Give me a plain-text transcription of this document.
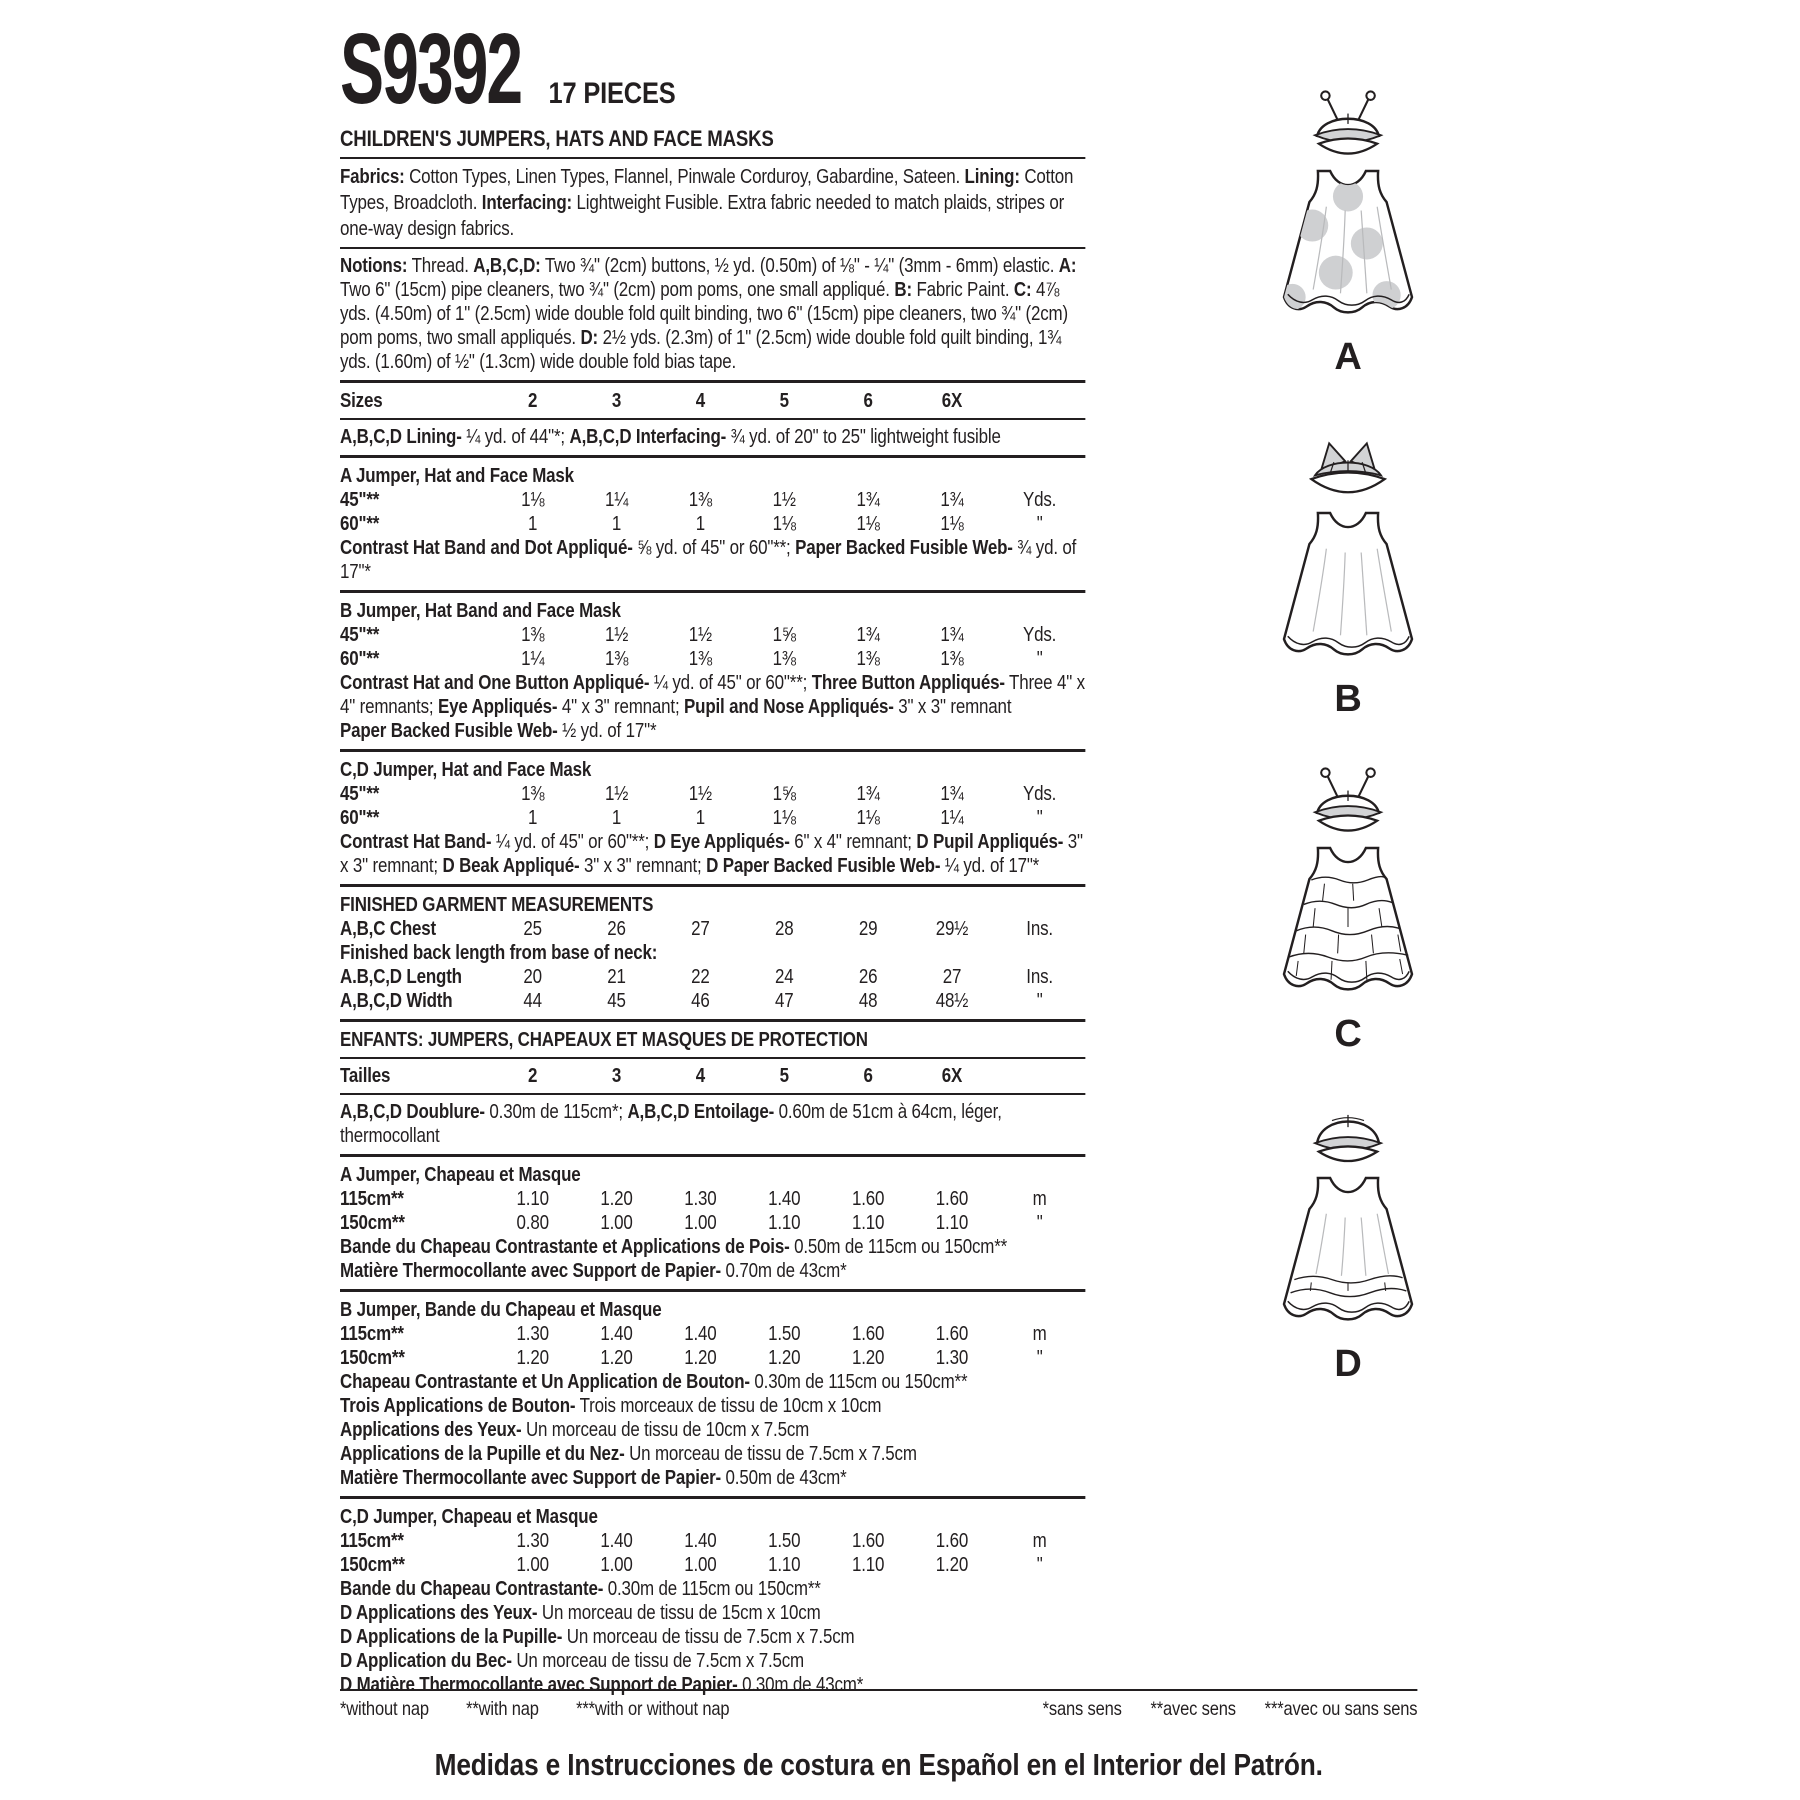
S9392 17 PIECES
CHILDREN'S JUMPERS, HATS AND FACE MASKS
Fabrics: Cotton Types, Linen Types, Flannel, Pinwale Corduroy, Gabardine, Sateen. Lining: Cotton Types, Broadcloth. Interfacing: Lightweight Fusible. Extra fabric needed to match plaids, stripes or one-way design fabrics.
Notions: Thread. A,B,C,D: Two ¾" (2cm) buttons, ½ yd. (0.50m) of ⅛" - ¼" (3mm - 6mm) elastic. A: Two 6" (15cm) pipe cleaners, two ¾" (2cm) pom poms, one small appliqué. B: Fabric Paint. C: 4⅞ yds. (4.50m) of 1" (2.5cm) wide double fold quilt binding, two 6" (15cm) pipe cleaners, two ¾" (2cm) pom poms, two small appliqués. D: 2½ yds. (2.3m) of 1" (2.5cm) wide double fold quilt binding, 1¾ yds. (1.60m) of ½" (1.3cm) wide double fold bias tape.
Sizes	2	3	4	5	6	6X
A,B,C,D Lining- ¼ yd. of 44"*; A,B,C,D Interfacing- ¾ yd. of 20" to 25" lightweight fusible
A Jumper, Hat and Face Mask
45"**	1⅛	1¼	1⅜	1½	1¾	1¾	Yds.
60"**	1	1	1	1⅛	1⅛	1⅛	"
Contrast Hat Band and Dot Appliqué- ⅝ yd. of 45" or 60"**; Paper Backed Fusible Web- ¾ yd. of 17"*
B Jumper, Hat Band and Face Mask
45"**	1⅜	1½	1½	1⅝	1¾	1¾	Yds.
60"**	1¼	1⅜	1⅜	1⅜	1⅜	1⅜	"
Contrast Hat and One Button Appliqué- ¼ yd. of 45" or 60"**; Three Button Appliqués- Three 4" x 4" remnants; Eye Appliqués- 4" x 3" remnant; Pupil and Nose Appliqués- 3" x 3" remnant
Paper Backed Fusible Web- ½ yd. of 17"*
C,D Jumper, Hat and Face Mask
45"**	1⅜	1½	1½	1⅝	1¾	1¾	Yds.
60"**	1	1	1	1⅛	1⅛	1¼	"
Contrast Hat Band- ¼ yd. of 45" or 60"**; D Eye Appliqués- 6" x 4" remnant; D Pupil Appliqués- 3" x 3" remnant; D Beak Appliqué- 3" x 3" remnant; D Paper Backed Fusible Web- ¼ yd. of 17"*
FINISHED GARMENT MEASUREMENTS
A,B,C Chest	25	26	27	28	29	29½	Ins.
Finished back length from base of neck:
A.B,C,D Length	20	21	22	24	26	27	Ins.
A,B,C,D Width	44	45	46	47	48	48½	"
ENFANTS: JUMPERS, CHAPEAUX ET MASQUES DE PROTECTION
Tailles	2	3	4	5	6	6X
A,B,C,D Doublure- 0.30m de 115cm*; A,B,C,D Entoilage- 0.60m de 51cm à 64cm, léger, thermocollant
A Jumper, Chapeau et Masque
115cm**	1.10	1.20	1.30	1.40	1.60	1.60	m
150cm**	0.80	1.00	1.00	1.10	1.10	1.10	"
Bande du Chapeau Contrastante et Applications de Pois- 0.50m de 115cm ou 150cm**
Matière Thermocollante avec Support de Papier- 0.70m de 43cm*
B Jumper, Bande du Chapeau et Masque
115cm**	1.30	1.40	1.40	1.50	1.60	1.60	m
150cm**	1.20	1.20	1.20	1.20	1.20	1.30	"
Chapeau Contrastante et Un Application de Bouton- 0.30m de 115cm ou 150cm**
Trois Applications de Bouton- Trois morceaux de tissu de 10cm x 10cm
Applications des Yeux- Un morceau de tissu de 10cm x 7.5cm
Applications de la Pupille et du Nez- Un morceau de tissu de 7.5cm x 7.5cm
Matière Thermocollante avec Support de Papier- 0.50m de 43cm*
C,D Jumper, Chapeau et Masque
115cm**	1.30	1.40	1.40	1.50	1.60	1.60	m
150cm**	1.00	1.00	1.00	1.10	1.10	1.20	"
Bande du Chapeau Contrastante- 0.30m de 115cm ou 150cm**
D Applications des Yeux- Un morceau de tissu de 15cm x 10cm
D Applications de la Pupille- Un morceau de tissu de 7.5cm x 7.5cm
D Application du Bec- Un morceau de tissu de 7.5cm x 7.5cm
D Matière Thermocollante avec Support de Papier- 0.30m de 43cm*
*without nap **with nap ***with or without nap	*sans sens **avec sens ***avec ou sans sens
Medidas e Instrucciones de costura en Español en el Interior del Patrón.
A
B
C
D
